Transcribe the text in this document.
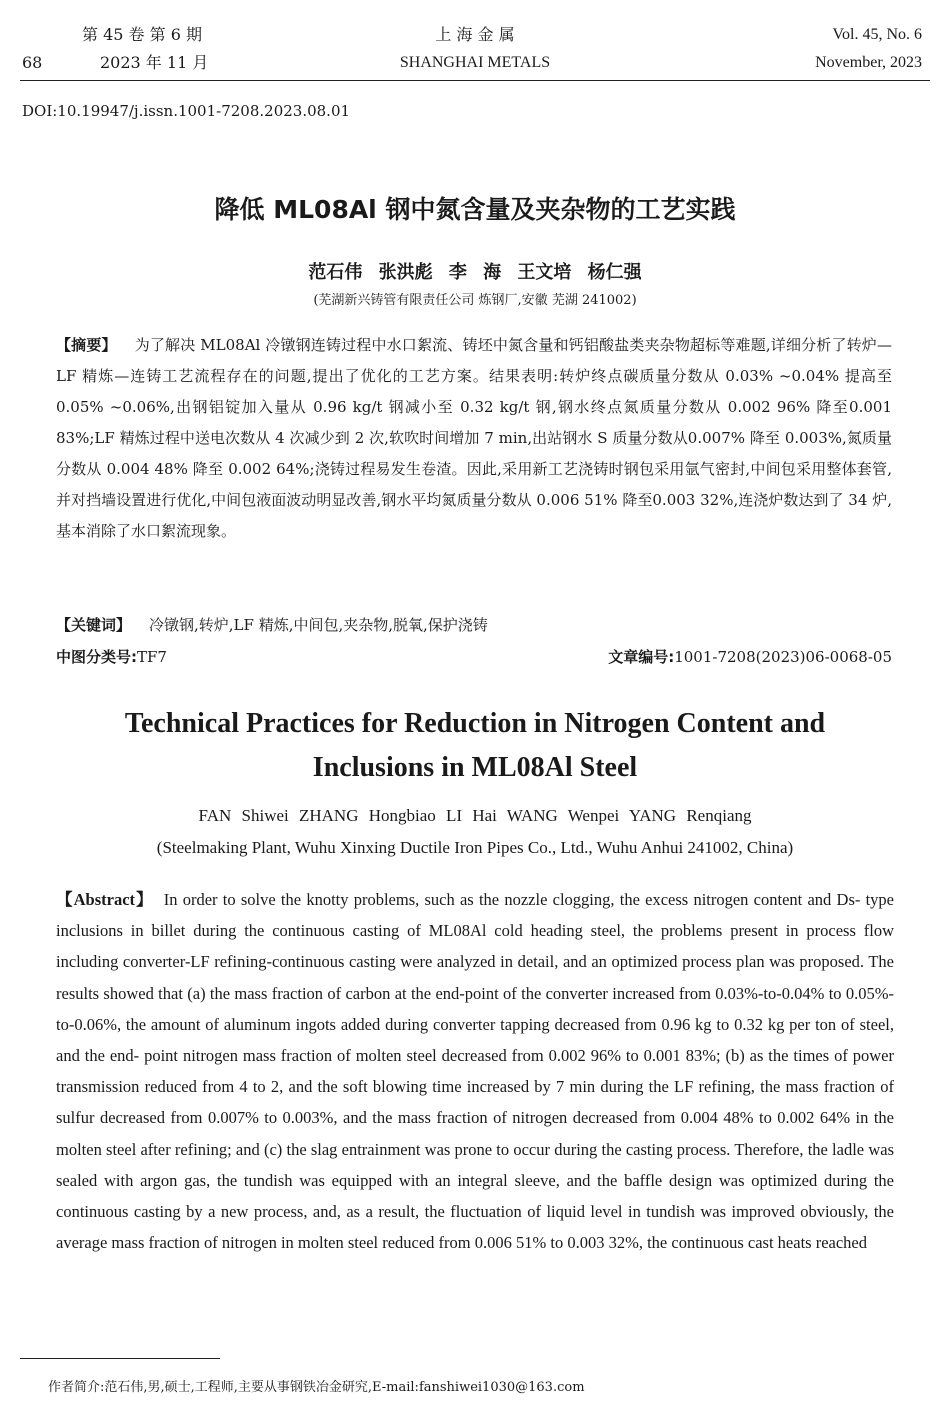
第 45 卷 第 6 期
68	2023 年 11 月
上 海 金 属
SHANGHAI METALS
Vol. 45, No. 6
November, 2023
DOI:10.19947/j.issn.1001-7208.2023.08.01
降低 ML08Al 钢中氮含量及夹杂物的工艺实践
范石伟 张洪彪 李 海 王文培 杨仁强
(芜湖新兴铸管有限责任公司 炼钢厂,安徽 芜湖 241002)
【摘要】 为了解决 ML08Al 冷镦钢连铸过程中水口絮流、铸坯中氮含量和钙铝酸盐类夹杂物超标等难题,详细分析了转炉—LF 精炼—连铸工艺流程存在的问题,提出了优化的工艺方案。结果表明:转炉终点碳质量分数从 0.03% ~0.04% 提高至 0.05% ~0.06%,出钢铝锭加入量从 0.96 kg/t 钢减小至 0.32 kg/t 钢,钢水终点氮质量分数从 0.002 96% 降至0.001 83%;LF 精炼过程中送电次数从 4 次减少到 2 次,软吹时间增加 7 min,出站钢水 S 质量分数从0.007% 降至 0.003%,氮质量分数从 0.004 48% 降至 0.002 64%;浇铸过程易发生卷渣。因此,采用新工艺浇铸时钢包采用氩气密封,中间包采用整体套管,并对挡墙设置进行优化,中间包液面波动明显改善,钢水平均氮质量分数从 0.006 51% 降至0.003 32%,连浇炉数达到了 34 炉,基本消除了水口絮流现象。
【关键词】 冷镦钢,转炉,LF 精炼,中间包,夹杂物,脱氧,保护浇铸
中图分类号:TF7	文章编号:1001-7208(2023)06-0068-05
Technical Practices for Reduction in Nitrogen Content and
Inclusions in ML08Al Steel
FAN Shiwei ZHANG Hongbiao LI Hai WANG Wenpei YANG Renqiang
(Steelmaking Plant, Wuhu Xinxing Ductile Iron Pipes Co., Ltd., Wuhu Anhui 241002, China)
【Abstract】 In order to solve the knotty problems, such as the nozzle clogging, the excess nitrogen content and Ds- type inclusions in billet during the continuous casting of ML08Al cold heading steel, the problems present in process flow including converter-LF refining-continuous casting were analyzed in detail, and an optimized process plan was proposed. The results showed that (a) the mass fraction of carbon at the end-point of the converter increased from 0.03%-to-0.04% to 0.05%-to-0.06%, the amount of aluminum ingots added during converter tapping decreased from 0.96 kg to 0.32 kg per ton of steel, and the end- point nitrogen mass fraction of molten steel decreased from 0.002 96% to 0.001 83%; (b) as the times of power transmission reduced from 4 to 2, and the soft blowing time increased by 7 min during the LF refining, the mass fraction of sulfur decreased from 0.007% to 0.003%, and the mass fraction of nitrogen decreased from 0.004 48% to 0.002 64% in the molten steel after refining; and (c) the slag entrainment was prone to occur during the casting process. Therefore, the ladle was sealed with argon gas, the tundish was equipped with an integral sleeve, and the baffle design was optimized during the continuous casting by a new process, and, as a result, the fluctuation of liquid level in tundish was improved obviously, the average mass fraction of nitrogen in molten steel reduced from 0.006 51% to 0.003 32%, the continuous cast heats reached
作者简介:范石伟,男,硕士,工程师,主要从事钢铁冶金研究,E-mail:fanshiwei1030@163.com
